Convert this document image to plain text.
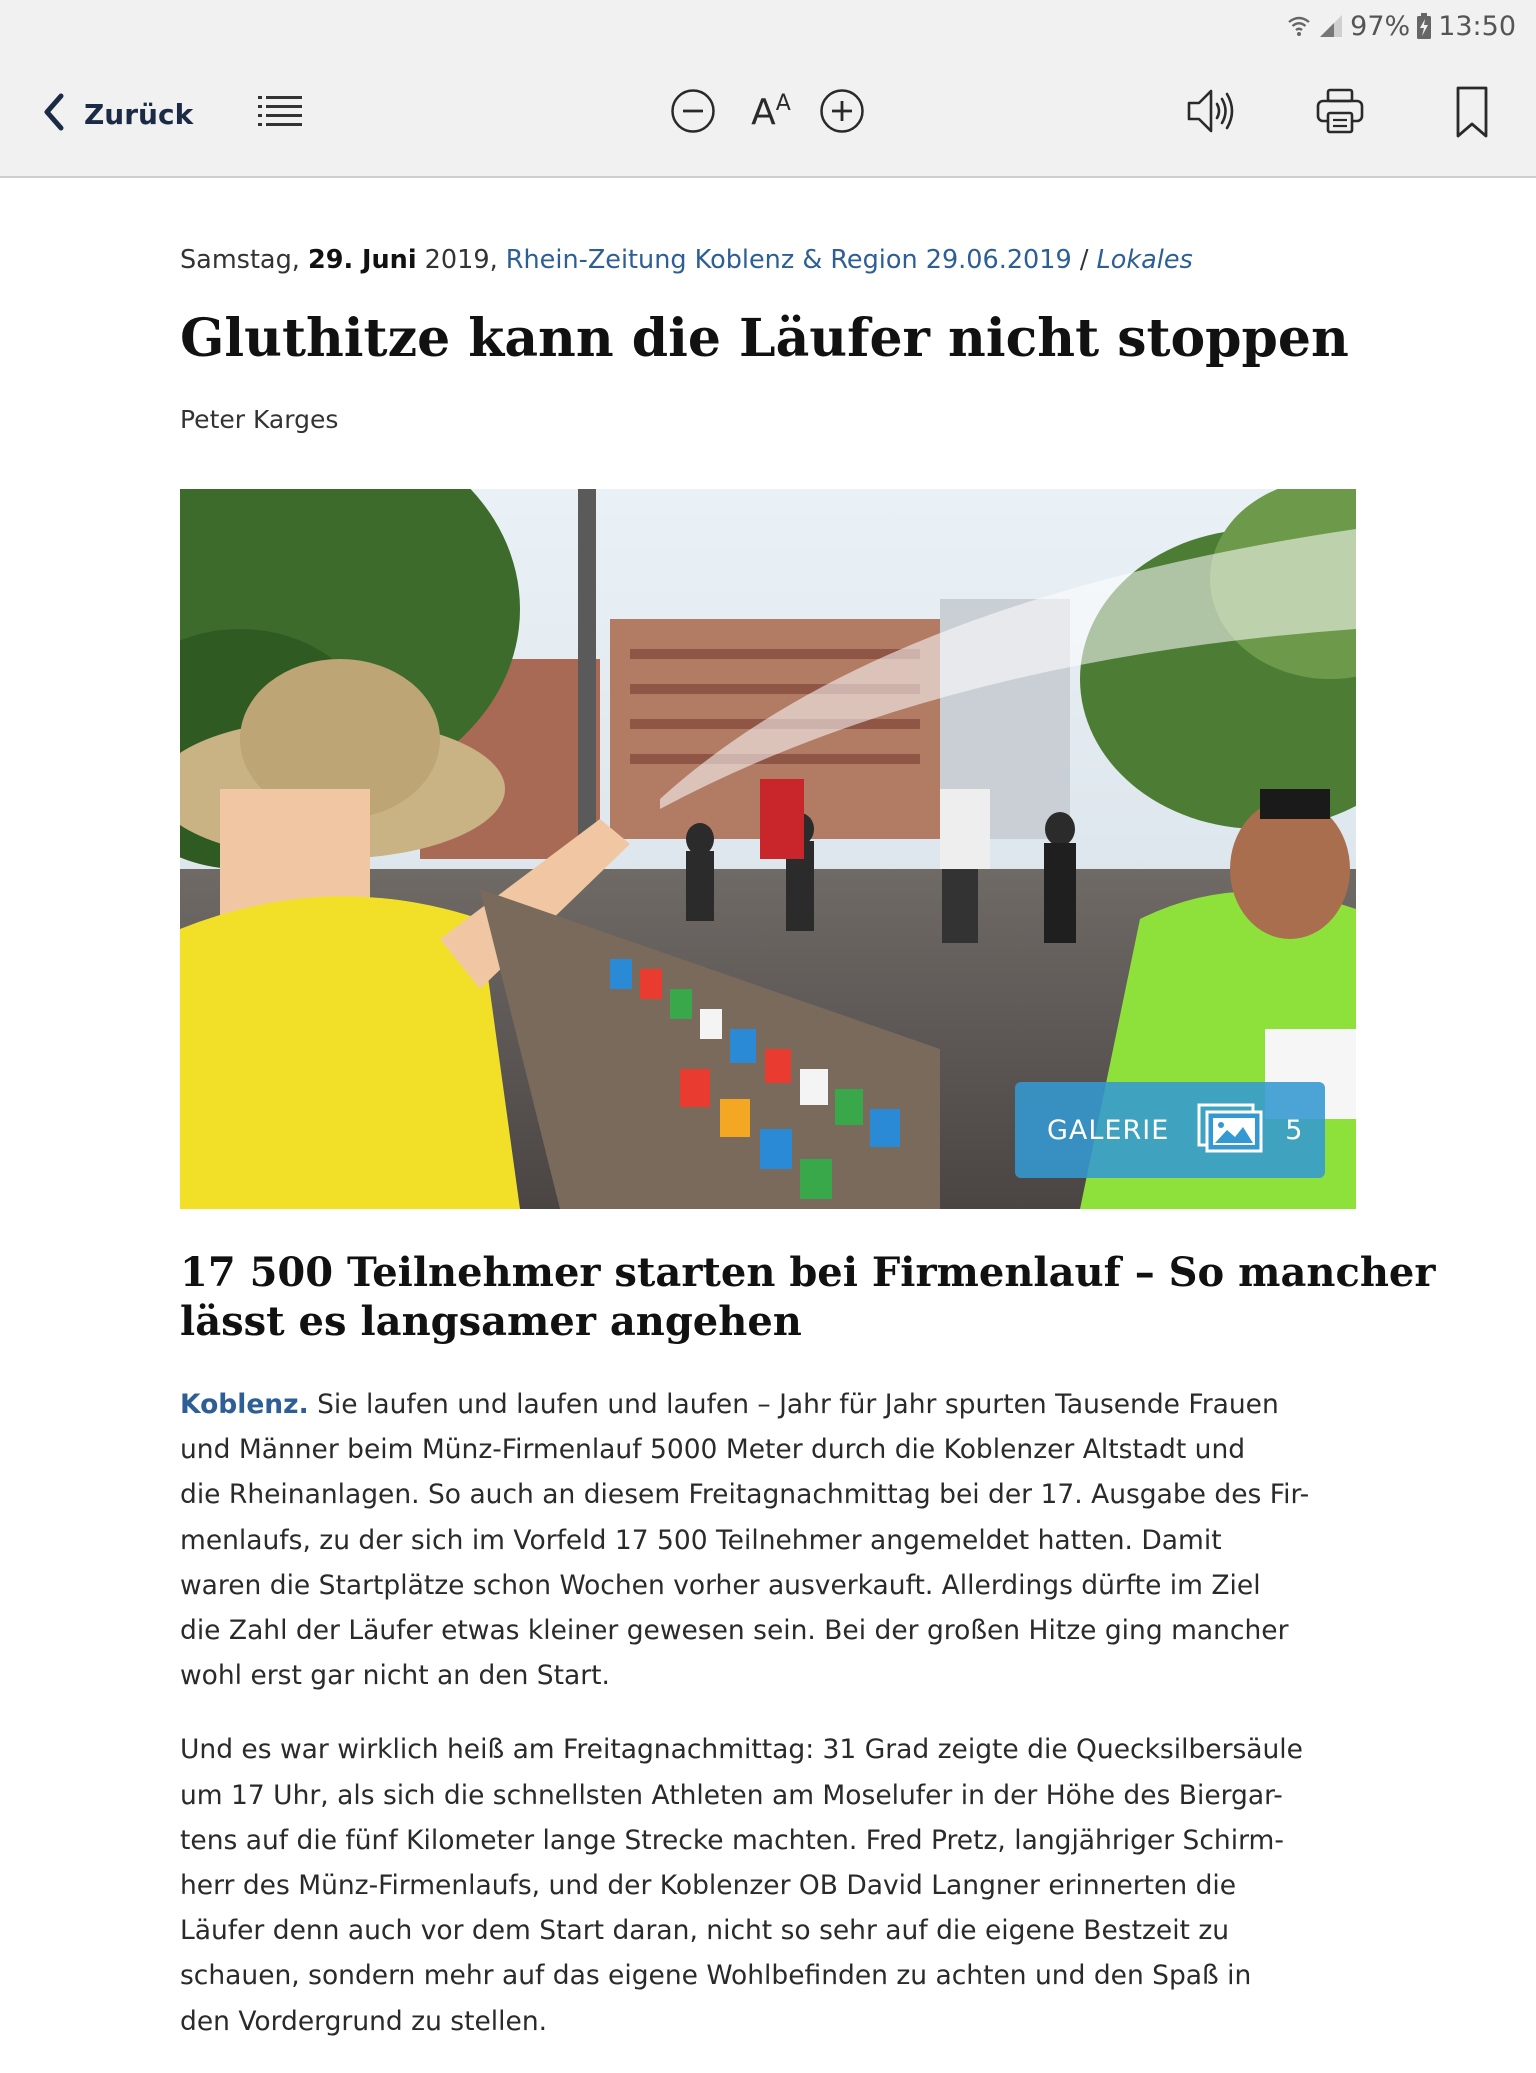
97% 13:50
Zurück	$A^A$
Samstag, 29. Juni 2019, Rhein-Zeitung Koblenz & Region 29.06.2019 / Lokales
Gluthitze kann die Läufer nicht stoppen
Peter Karges
GALERIE	5
17 500 Teilnehmer starten bei Firmenlauf – So mancher
lässt es langsamer angehen

Koblenz. Sie laufen und laufen und laufen – Jahr für Jahr spurten Tausende Frauen
und Männer beim Münz-Firmenlauf 5000 Meter durch die Koblenzer Altstadt und
die Rheinanlagen. So auch an diesem Freitagnachmittag bei der 17. Ausgabe des Fir-
menlaufs, zu der sich im Vorfeld 17 500 Teilnehmer angemeldet hatten. Damit
waren die Startplätze schon Wochen vorher ausverkauft. Allerdings dürfte im Ziel
die Zahl der Läufer etwas kleiner gewesen sein. Bei der großen Hitze ging mancher
wohl erst gar nicht an den Start.

Und es war wirklich heiß am Freitagnachmittag: 31 Grad zeigte die Quecksilbersäule
um 17 Uhr, als sich die schnellsten Athleten am Moselufer in der Höhe des Biergar-
tens auf die fünf Kilometer lange Strecke machten. Fred Pretz, langjähriger Schirm-
herr des Münz-Firmenlaufs, und der Koblenzer OB David Langner erinnerten die
Läufer denn auch vor dem Start daran, nicht so sehr auf die eigene Bestzeit zu
schauen, sondern mehr auf das eigene Wohlbefinden zu achten und den Spaß in
den Vordergrund zu stellen.
